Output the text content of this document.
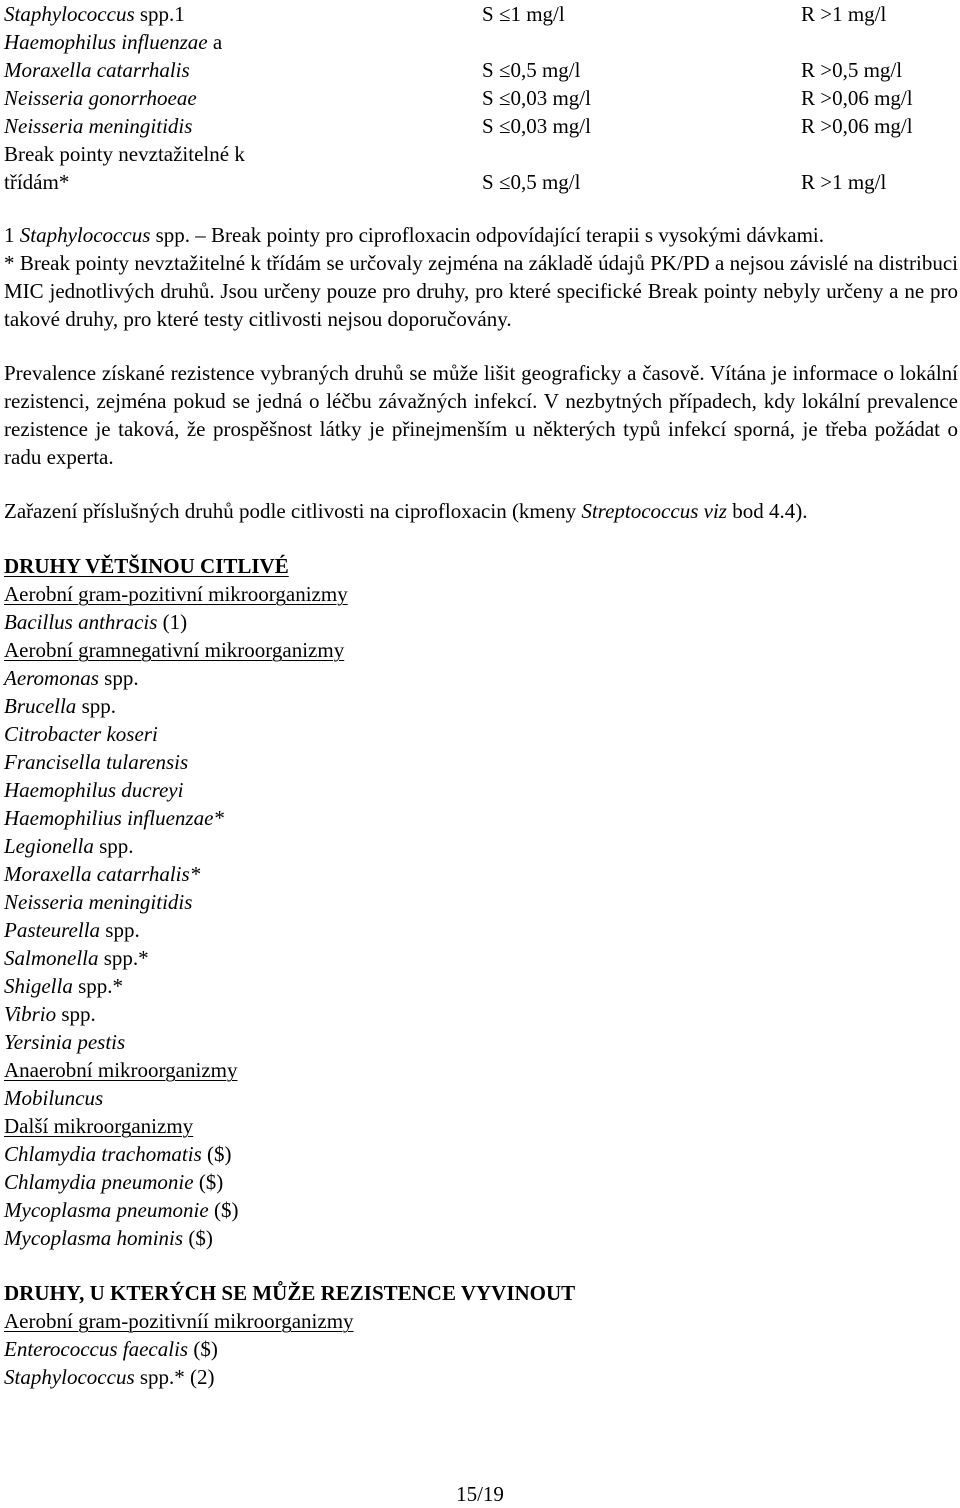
Staphylococcus spp.1	S ≤1 mg/l	R >1 mg/l
Haemophilus influenzae a
Moraxella catarrhalis	S ≤0,5 mg/l	R >0,5 mg/l
Neisseria gonorrhoeae	S ≤0,03 mg/l	R >0,06 mg/l
Neisseria meningitidis	S ≤0,03 mg/l	R >0,06 mg/l
Break pointy nevztažitelné k
třídám*	S ≤0,5 mg/l	R >1 mg/l

1 Staphylococcus spp. – Break pointy pro ciprofloxacin odpovídající terapii s vysokými dávkami.

* Break pointy nevztažitelné k třídám se určovaly zejména na základě údajů PK/PD a nejsou závislé na distribuci MIC jednotlivých druhů. Jsou určeny pouze pro druhy, pro které specifické Break pointy nebyly určeny a ne pro takové druhy, pro které testy citlivosti nejsou doporučovány.

Prevalence získané rezistence vybraných druhů se může lišit geograficky a časově. Vítána je informace o lokální rezistenci, zejména pokud se jedná o léčbu závažných infekcí. V nezbytných případech, kdy lokální prevalence rezistence je taková, že prospěšnost látky je přinejmenším u některých typů infekcí sporná, je třeba požádat o radu experta.

Zařazení příslušných druhů podle citlivosti na ciprofloxacin (kmeny Streptococcus viz bod 4.4).

DRUHY VĚTŠINOU CITLIVÉ
Aerobní gram-pozitivní mikroorganizmy
Bacillus anthracis (1)
Aerobní gramnegativní mikroorganizmy
Aeromonas spp.
Brucella spp.
Citrobacter koseri
Francisella tularensis
Haemophilus ducreyi
Haemophilius influenzae*
Legionella spp.
Moraxella catarrhalis*
Neisseria meningitidis
Pasteurella spp.
Salmonella spp.*
Shigella spp.*
Vibrio spp.
Yersinia pestis
Anaerobní mikroorganizmy
Mobiluncus
Další mikroorganizmy
Chlamydia trachomatis ($)
Chlamydia pneumonie ($)
Mycoplasma pneumonie ($)
Mycoplasma hominis ($)
DRUHY, U KTERÝCH SE MŮŽE REZISTENCE VYVINOUT
Aerobní gram-pozitivníí mikroorganizmy
Enterococcus faecalis ($)
Staphylococcus spp.* (2)
15/19
